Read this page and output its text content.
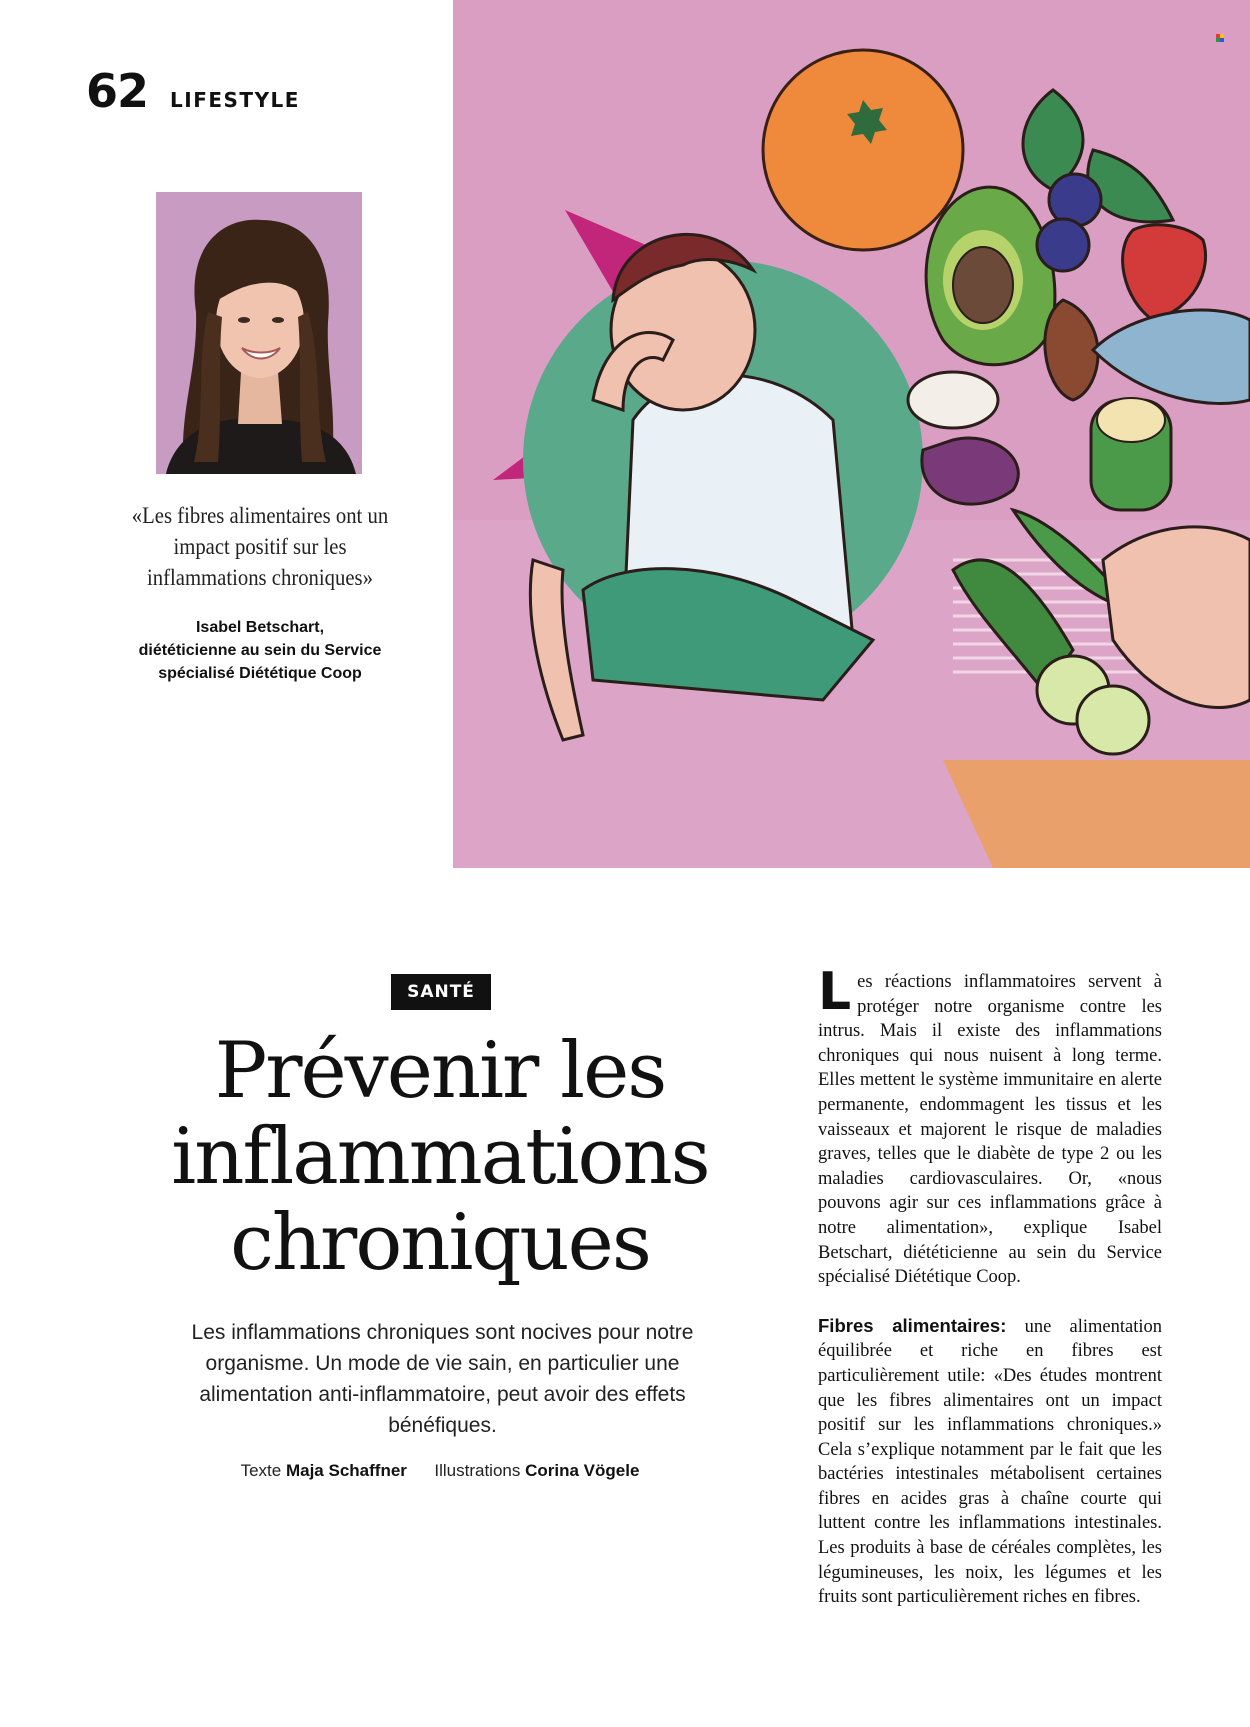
62 LIFESTYLE
«Les fibres alimentaires ont un impact positif sur les inflammations chroniques»
Isabel Betschart,
diététicienne au sein du Service spécialisé Diététique Coop
SANTÉ
Prévenir les
inflammations
chroniques
Les inflammations chroniques sont nocives pour notre organisme. Un mode de vie sain, en particulier une alimentation anti-inflammatoire, peut avoir des effets bénéfiques.
Texte Maja Schaffner Illustrations Corina Vögele

Les réactions inflammatoires servent à protéger notre organisme contre les intrus. Mais il existe des inflammations chroniques qui nous nuisent à long terme. Elles mettent le système immunitaire en alerte permanente, endommagent les tissus et les vaisseaux et majorent le risque de maladies graves, telles que le diabète de type 2 ou les maladies cardiovasculaires. Or, «nous pouvons agir sur ces inflammations grâce à notre alimentation», explique Isabel Betschart, diététicienne au sein du Service spécialisé Diététique Coop.

Fibres alimentaires: une alimentation équilibrée et riche en fibres est particulièrement utile: «Des études montrent que les fibres alimentaires ont un impact positif sur les inflammations chroniques.» Cela s’explique notamment par le fait que les bactéries intestinales métabolisent certaines fibres en acides gras à chaîne courte qui luttent contre les inflammations intestinales. Les produits à base de céréales complètes, les légumineuses, les noix, les légumes et les fruits sont particulièrement riches en fibres.
